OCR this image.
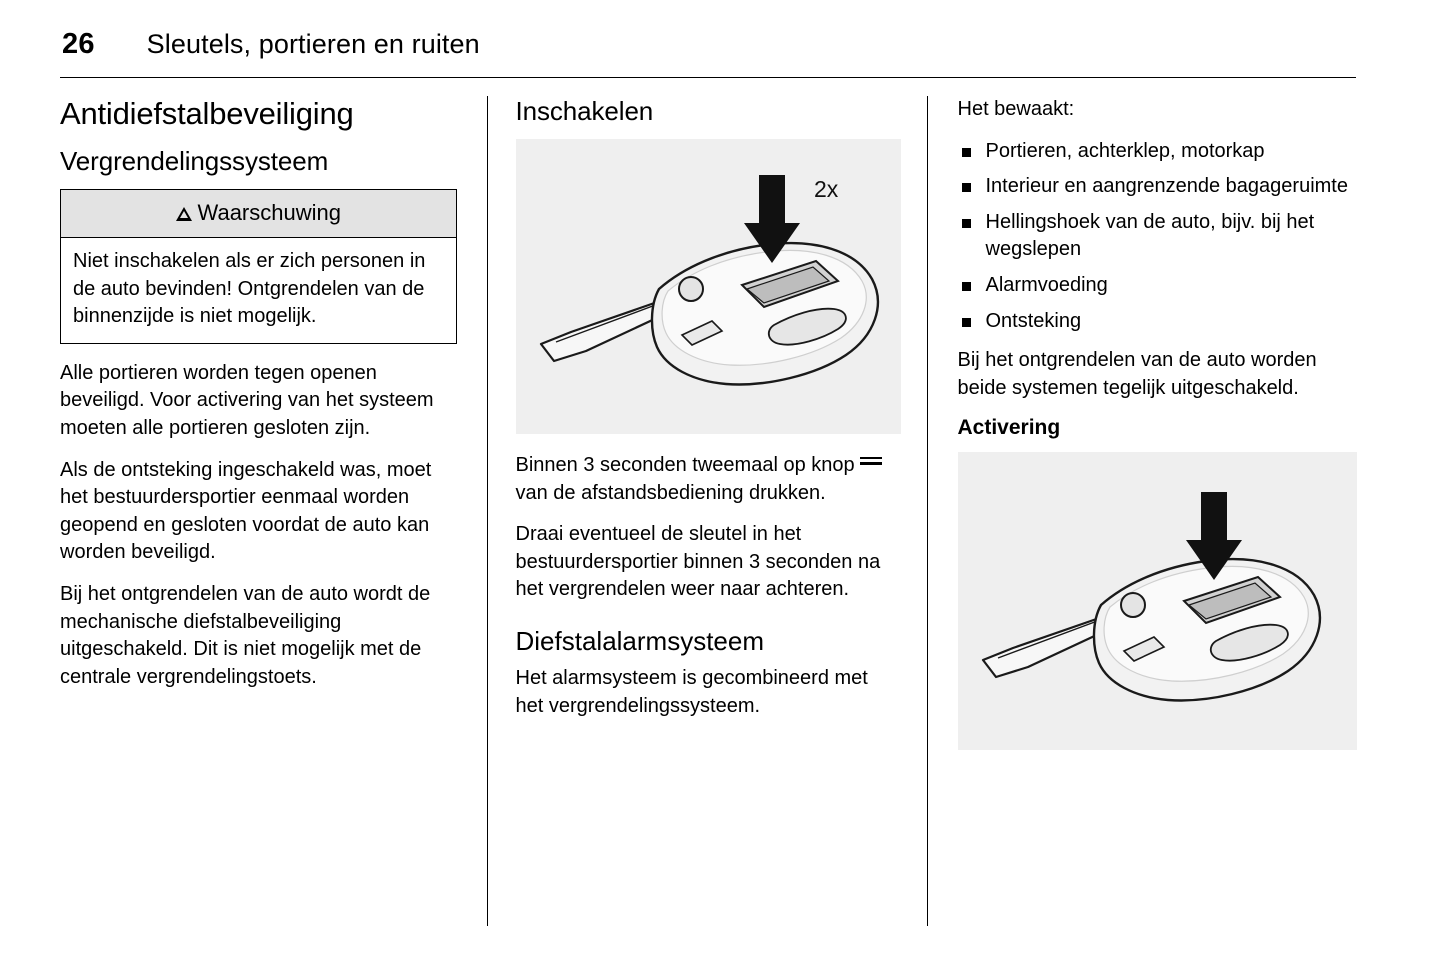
26 Sleutels, portieren en ruiten
Antidiefstalbeveiliging
Vergrendelingssysteem
Waarschuwing
Niet inschakelen als er zich personen in de auto bevinden! Ontgrendelen van de binnenzijde is niet mogelijk.

Alle portieren worden tegen openen beveiligd. Voor activering van het systeem moeten alle portieren gesloten zijn.

Als de ontsteking ingeschakeld was, moet het bestuurdersportier eenmaal worden geopend en gesloten voordat de auto kan worden beveiligd.

Bij het ontgrendelen van de auto wordt de mechanische diefstalbeveiliging uitgeschakeld. Dit is niet mogelijk met de centrale vergrendelingstoets.

Inschakelen
2x

Binnen 3 seconden tweemaal op knop
van de afstandsbediening drukken.

Draai eventueel de sleutel in het bestuurdersportier binnen 3 seconden na het vergrendelen weer naar achteren.

Diefstalalarmsysteem

Het alarmsysteem is gecombineerd met het vergrendelingssysteem.

Het bewaakt:

Portieren, achterklep, motorkap
Interieur en aangrenzende bagageruimte
Hellingshoek van de auto, bijv. bij het wegslepen
Alarmvoeding
Ontsteking

Bij het ontgrendelen van de auto worden beide systemen tegelijk uitgeschakeld.

Activering
